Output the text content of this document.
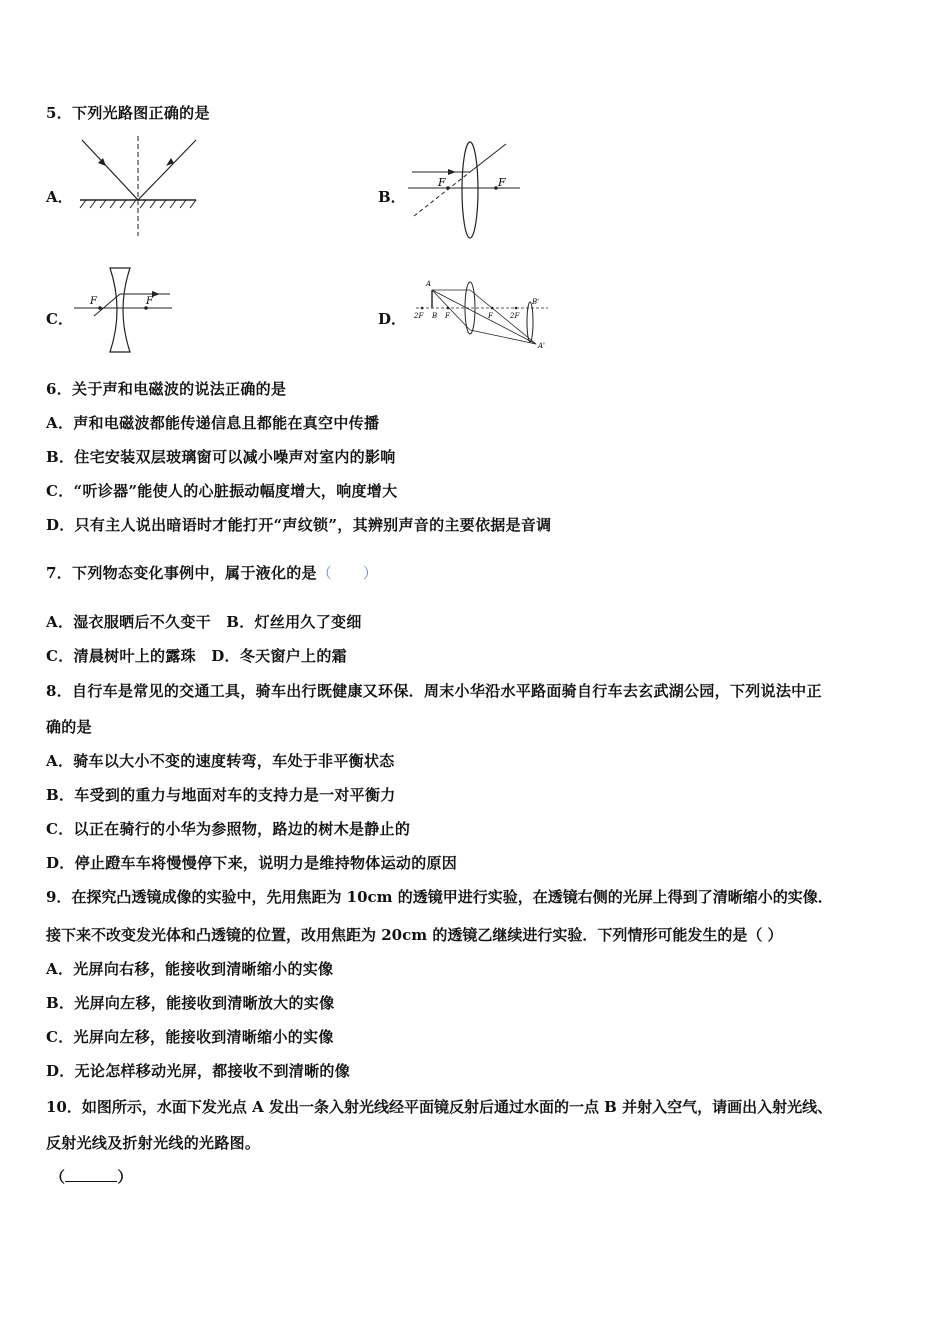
5．下列光路图正确的是
A．	B．
F	F
C．
F	F
D．
A
2F B F	F 2F
B'
A'
6．关于声和电磁波的说法正确的是
A．声和电磁波都能传递信息且都能在真空中传播
B．住宅安装双层玻璃窗可以减小噪声对室内的影响
C．“听诊器”能使人的心脏振动幅度增大，响度增大
D．只有主人说出暗语时才能打开“声纹锁”，其辨别声音的主要依据是音调
7．下列物态变化事例中，属于液化的是（　　）
A．湿衣服晒后不久变干　B．灯丝用久了变细
C．清晨树叶上的露珠　D．冬天窗户上的霜
8．自行车是常见的交通工具，骑车出行既健康又环保．周末小华沿水平路面骑自行车去玄武湖公园，下列说法中正
确的是
A．骑车以大小不变的速度转弯，车处于非平衡状态
B．车受到的重力与地面对车的支持力是一对平衡力
C．以正在骑行的小华为参照物，路边的树木是静止的
D．停止蹬车车将慢慢停下来，说明力是维持物体运动的原因
9．在探究凸透镜成像的实验中，先用焦距为 10cm 的透镜甲进行实验，在透镜右侧的光屏上得到了清晰缩小的实像．
接下来不改变发光体和凸透镜的位置，改用焦距为 20cm 的透镜乙继续进行实验．下列情形可能发生的是（ ）
A．光屏向右移，能接收到清晰缩小的实像
B．光屏向左移，能接收到清晰放大的实像
C．光屏向左移，能接收到清晰缩小的实像
D．无论怎样移动光屏，都接收不到清晰的像
10．如图所示，水面下发光点 A 发出一条入射光线经平面镜反射后通过水面的一点 B 并射入空气，请画出入射光线、
反射光线及折射光线的光路图。
（	）
